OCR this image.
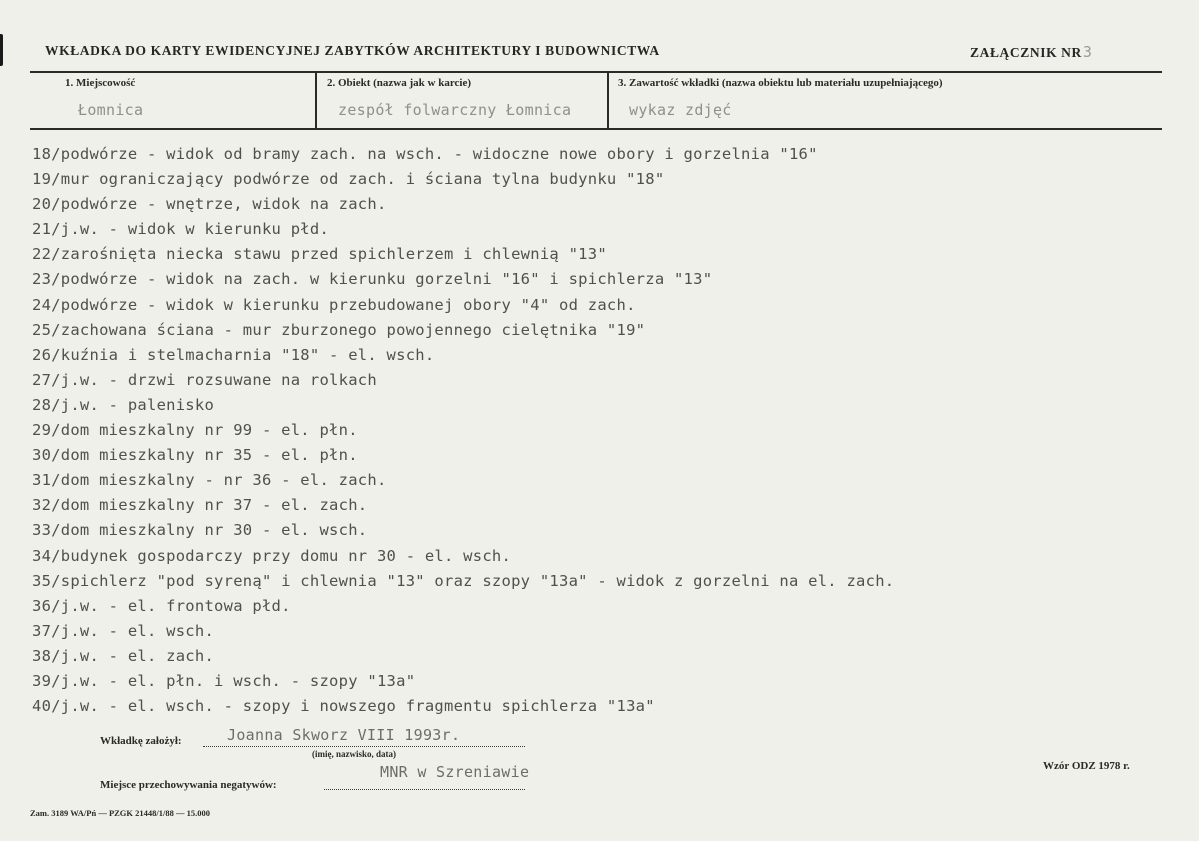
WKŁADKA DO KARTY EWIDENCYJNEJ ZABYTKÓW ARCHITEKTURY I BUDOWNICTWA	ZAŁĄCZNIK NR3
1. Miejscowość
Łomnica
2. Obiekt (nazwa jak w karcie)
zespół folwarczny Łomnica
3. Zawartość wkładki (nazwa obiektu lub materiału uzupełniającego)
wykaz zdjęć
18/podwórze - widok od bramy zach. na wsch. - widoczne nowe obory i gorzelnia "16"
19/mur ograniczający podwórze od zach. i ściana tylna budynku "18"
20/podwórze - wnętrze, widok na zach.
21/j.w. - widok w kierunku płd.
22/zarośnięta niecka stawu przed spichlerzem i chlewnią "13"
23/podwórze - widok na zach. w kierunku gorzelni "16" i spichlerza "13"
24/podwórze - widok w kierunku przebudowanej obory "4" od zach.
25/zachowana ściana - mur zburzonego powojennego cielętnika "19"
26/kuźnia i stelmacharnia "18" - el. wsch.
27/j.w. - drzwi rozsuwane na rolkach
28/j.w. - palenisko
29/dom mieszkalny nr 99 - el. płn.
30/dom mieszkalny nr 35 - el. płn.
31/dom mieszkalny - nr 36 - el. zach.
32/dom mieszkalny nr 37 - el. zach.
33/dom mieszkalny nr 30 - el. wsch.
34/budynek gospodarczy przy domu nr 30 - el. wsch.
35/spichlerz "pod syreną" i chlewnia "13" oraz szopy "13a" - widok z gorzelni na el. zach.
36/j.w. - el. frontowa płd.
37/j.w. - el. wsch.
38/j.w. - el. zach.
39/j.w. - el. płn. i wsch. - szopy "13a"
40/j.w. - el. wsch. - szopy i nowszego fragmentu spichlerza "13a"
Wkładkę założył:	Joanna Skworz VIII 1993r.
(imię, nazwisko, data)
Miejsce przechowywania negatywów:
MNR w Szreniawie	Wzór ODZ 1978 r.
Zam. 3189 WA/Pń — PZGK 21448/1/88 — 15.000
